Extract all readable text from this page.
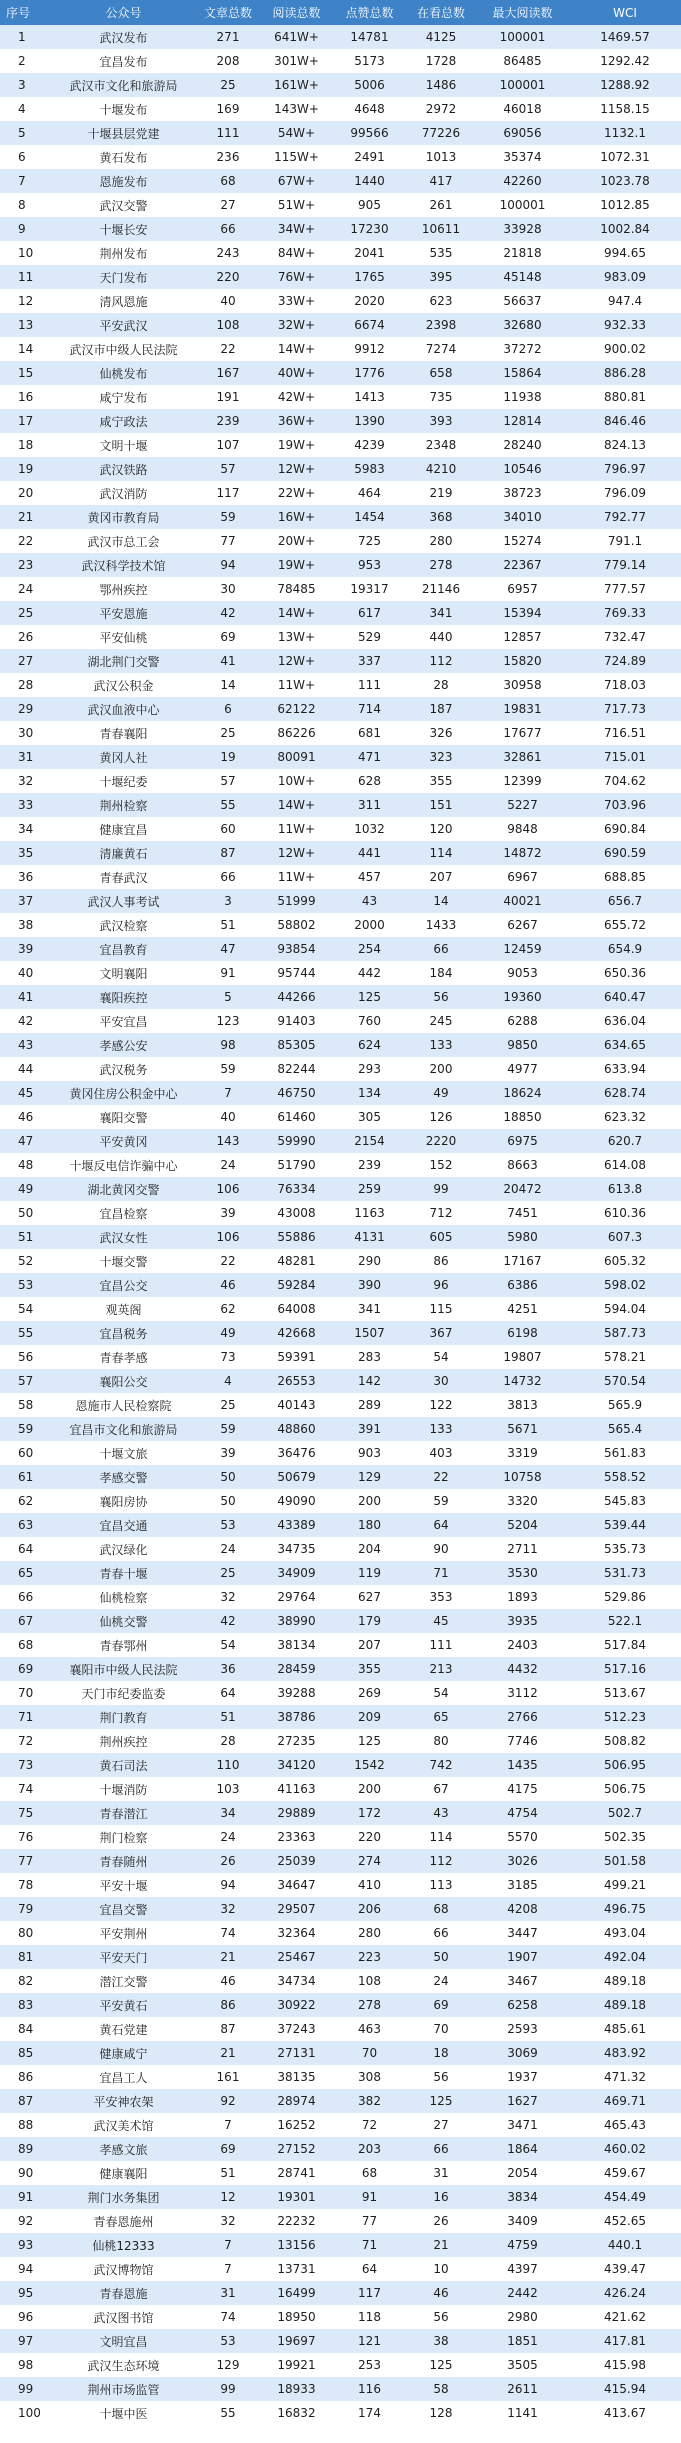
序号	公众号	文章总数	阅读总数	点赞总数	在看总数	最大阅读数	WCI
1	武汉发布	271	641W+	14781	4125	100001	1469.57
2	宜昌发布	208	301W+	5173	1728	86485	1292.42
3	武汉市文化和旅游局	25	161W+	5006	1486	100001	1288.92
4	十堰发布	169	143W+	4648	2972	46018	1158.15
5	十堰县层党建	111	54W+	99566	77226	69056	1132.1
6	黄石发布	236	115W+	2491	1013	35374	1072.31
7	恩施发布	68	67W+	1440	417	42260	1023.78
8	武汉交警	27	51W+	905	261	100001	1012.85
9	十堰长安	66	34W+	17230	10611	33928	1002.84
10	荆州发布	243	84W+	2041	535	21818	994.65
11	天门发布	220	76W+	1765	395	45148	983.09
12	清风恩施	40	33W+	2020	623	56637	947.4
13	平安武汉	108	32W+	6674	2398	32680	932.33
14	武汉市中级人民法院	22	14W+	9912	7274	37272	900.02
15	仙桃发布	167	40W+	1776	658	15864	886.28
16	咸宁发布	191	42W+	1413	735	11938	880.81
17	咸宁政法	239	36W+	1390	393	12814	846.46
18	文明十堰	107	19W+	4239	2348	28240	824.13
19	武汉铁路	57	12W+	5983	4210	10546	796.97
20	武汉消防	117	22W+	464	219	38723	796.09
21	黄冈市教育局	59	16W+	1454	368	34010	792.77
22	武汉市总工会	77	20W+	725	280	15274	791.1
23	武汉科学技术馆	94	19W+	953	278	22367	779.14
24	鄂州疾控	30	78485	19317	21146	6957	777.57
25	平安恩施	42	14W+	617	341	15394	769.33
26	平安仙桃	69	13W+	529	440	12857	732.47
27	湖北荆门交警	41	12W+	337	112	15820	724.89
28	武汉公积金	14	11W+	111	28	30958	718.03
29	武汉血液中心	6	62122	714	187	19831	717.73
30	青春襄阳	25	86226	681	326	17677	716.51
31	黄冈人社	19	80091	471	323	32861	715.01
32	十堰纪委	57	10W+	628	355	12399	704.62
33	荆州检察	55	14W+	311	151	5227	703.96
34	健康宜昌	60	11W+	1032	120	9848	690.84
35	清廉黄石	87	12W+	441	114	14872	690.59
36	青春武汉	66	11W+	457	207	6967	688.85
37	武汉人事考试	3	51999	43	14	40021	656.7
38	武汉检察	51	58802	2000	1433	6267	655.72
39	宜昌教育	47	93854	254	66	12459	654.9
40	文明襄阳	91	95744	442	184	9053	650.36
41	襄阳疾控	5	44266	125	56	19360	640.47
42	平安宜昌	123	91403	760	245	6288	636.04
43	孝感公安	98	85305	624	133	9850	634.65
44	武汉税务	59	82244	293	200	4977	633.94
45	黄冈住房公积金中心	7	46750	134	49	18624	628.74
46	襄阳交警	40	61460	305	126	18850	623.32
47	平安黄冈	143	59990	2154	2220	6975	620.7
48	十堰反电信诈骗中心	24	51790	239	152	8663	614.08
49	湖北黄冈交警	106	76334	259	99	20472	613.8
50	宜昌检察	39	43008	1163	712	7451	610.36
51	武汉女性	106	55886	4131	605	5980	607.3
52	十堰交警	22	48281	290	86	17167	605.32
53	宜昌公交	46	59284	390	96	6386	598.02
54	观英阁	62	64008	341	115	4251	594.04
55	宜昌税务	49	42668	1507	367	6198	587.73
56	青春孝感	73	59391	283	54	19807	578.21
57	襄阳公交	4	26553	142	30	14732	570.54
58	恩施市人民检察院	25	40143	289	122	3813	565.9
59	宜昌市文化和旅游局	59	48860	391	133	5671	565.4
60	十堰文旅	39	36476	903	403	3319	561.83
61	孝感交警	50	50679	129	22	10758	558.52
62	襄阳房协	50	49090	200	59	3320	545.83
63	宜昌交通	53	43389	180	64	5204	539.44
64	武汉绿化	24	34735	204	90	2711	535.73
65	青春十堰	25	34909	119	71	3530	531.73
66	仙桃检察	32	29764	627	353	1893	529.86
67	仙桃交警	42	38990	179	45	3935	522.1
68	青春鄂州	54	38134	207	111	2403	517.84
69	襄阳市中级人民法院	36	28459	355	213	4432	517.16
70	天门市纪委监委	64	39288	269	54	3112	513.67
71	荆门教育	51	38786	209	65	2766	512.23
72	荆州疾控	28	27235	125	80	7746	508.82
73	黄石司法	110	34120	1542	742	1435	506.95
74	十堰消防	103	41163	200	67	4175	506.75
75	青春潜江	34	29889	172	43	4754	502.7
76	荆门检察	24	23363	220	114	5570	502.35
77	青春随州	26	25039	274	112	3026	501.58
78	平安十堰	94	34647	410	113	3185	499.21
79	宜昌交警	32	29507	206	68	4208	496.75
80	平安荆州	74	32364	280	66	3447	493.04
81	平安天门	21	25467	223	50	1907	492.04
82	潜江交警	46	34734	108	24	3467	489.18
83	平安黄石	86	30922	278	69	6258	489.18
84	黄石党建	87	37243	463	70	2593	485.61
85	健康咸宁	21	27131	70	18	3069	483.92
86	宜昌工人	161	38135	308	56	1937	471.32
87	平安神农架	92	28974	382	125	1627	469.71
88	武汉美术馆	7	16252	72	27	3471	465.43
89	孝感文旅	69	27152	203	66	1864	460.02
90	健康襄阳	51	28741	68	31	2054	459.67
91	荆门水务集团	12	19301	91	16	3834	454.49
92	青春恩施州	32	22232	77	26	3409	452.65
93	仙桃12333	7	13156	71	21	4759	440.1
94	武汉博物馆	7	13731	64	10	4397	439.47
95	青春恩施	31	16499	117	46	2442	426.24
96	武汉图书馆	74	18950	118	56	2980	421.62
97	文明宜昌	53	19697	121	38	1851	417.81
98	武汉生态环境	129	19921	253	125	3505	415.98
99	荆州市场监管	99	18933	116	58	2611	415.94
100	十堰中医	55	16832	174	128	1141	413.67
